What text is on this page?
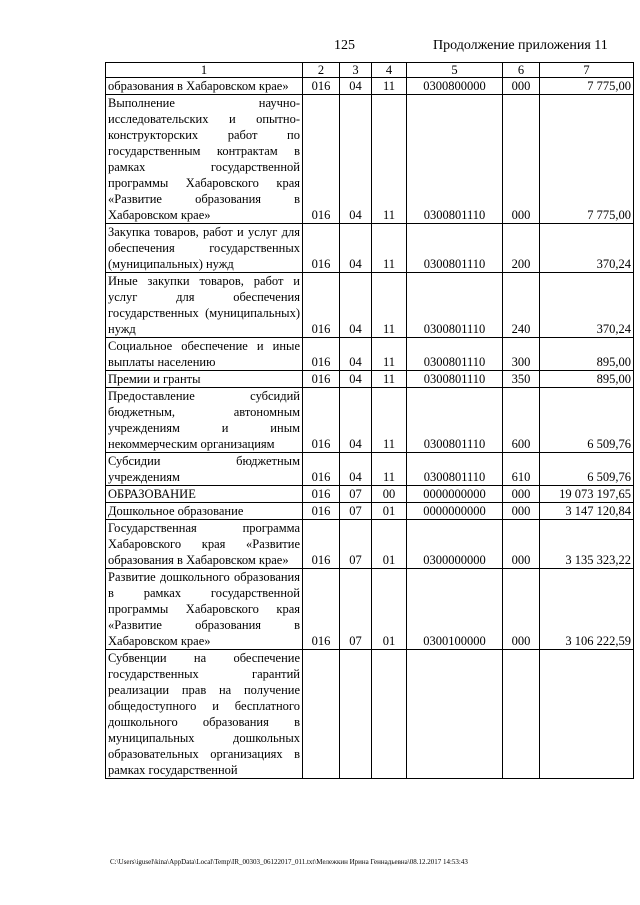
125	Продолжение приложения 11
1	2	3	4	5	6	7
образования в Хабаровском крае»	016	04	11	0300800000	000	7 775,00
Выполнение научно-исследовательских и опытно-конструкторских работ по государственным контрактам в рамках государственной программы Хабаровского края «Развитие образования в Хабаровском крае»	016	04	11	0300801110	000	7 775,00
Закупка товаров, работ и услуг для обеспечения государственных (муниципальных) нужд	016	04	11	0300801110	200	370,24
Иные закупки товаров, работ и услуг для обеспечения государственных (муниципальных) нужд	016	04	11	0300801110	240	370,24
Социальное обеспечение и иные выплаты населению	016	04	11	0300801110	300	895,00
Премии и гранты	016	04	11	0300801110	350	895,00
Предоставление субсидий бюджетным, автономным учреждениям и иным некоммерческим организациям	016	04	11	0300801110	600	6 509,76
Субсидии бюджетным учреждениям	016	04	11	0300801110	610	6 509,76
ОБРАЗОВАНИЕ	016	07	00	0000000000	000	19 073 197,65
Дошкольное образование	016	07	01	0000000000	000	3 147 120,84
Государственная программа Хабаровского края «Развитие образования в Хабаровском крае»	016	07	01	0300000000	000	3 135 323,22
Развитие дошкольного образования в рамках государственной программы Хабаровского края «Развитие образования в Хабаровском крае»	016	07	01	0300100000	000	3 106 222,59
Субвенции на обеспечение государственных гарантий реализации прав на получение общедоступного и бесплатного дошкольного образования в муниципальных дошкольных образовательных организациях в рамках государственной						
C:\Users\igusel\kina\AppData\Local\Temp\IR_00303_06122017_011.txt\Мележкин Ирина Геннадьевна\08.12.2017 14:53:43
